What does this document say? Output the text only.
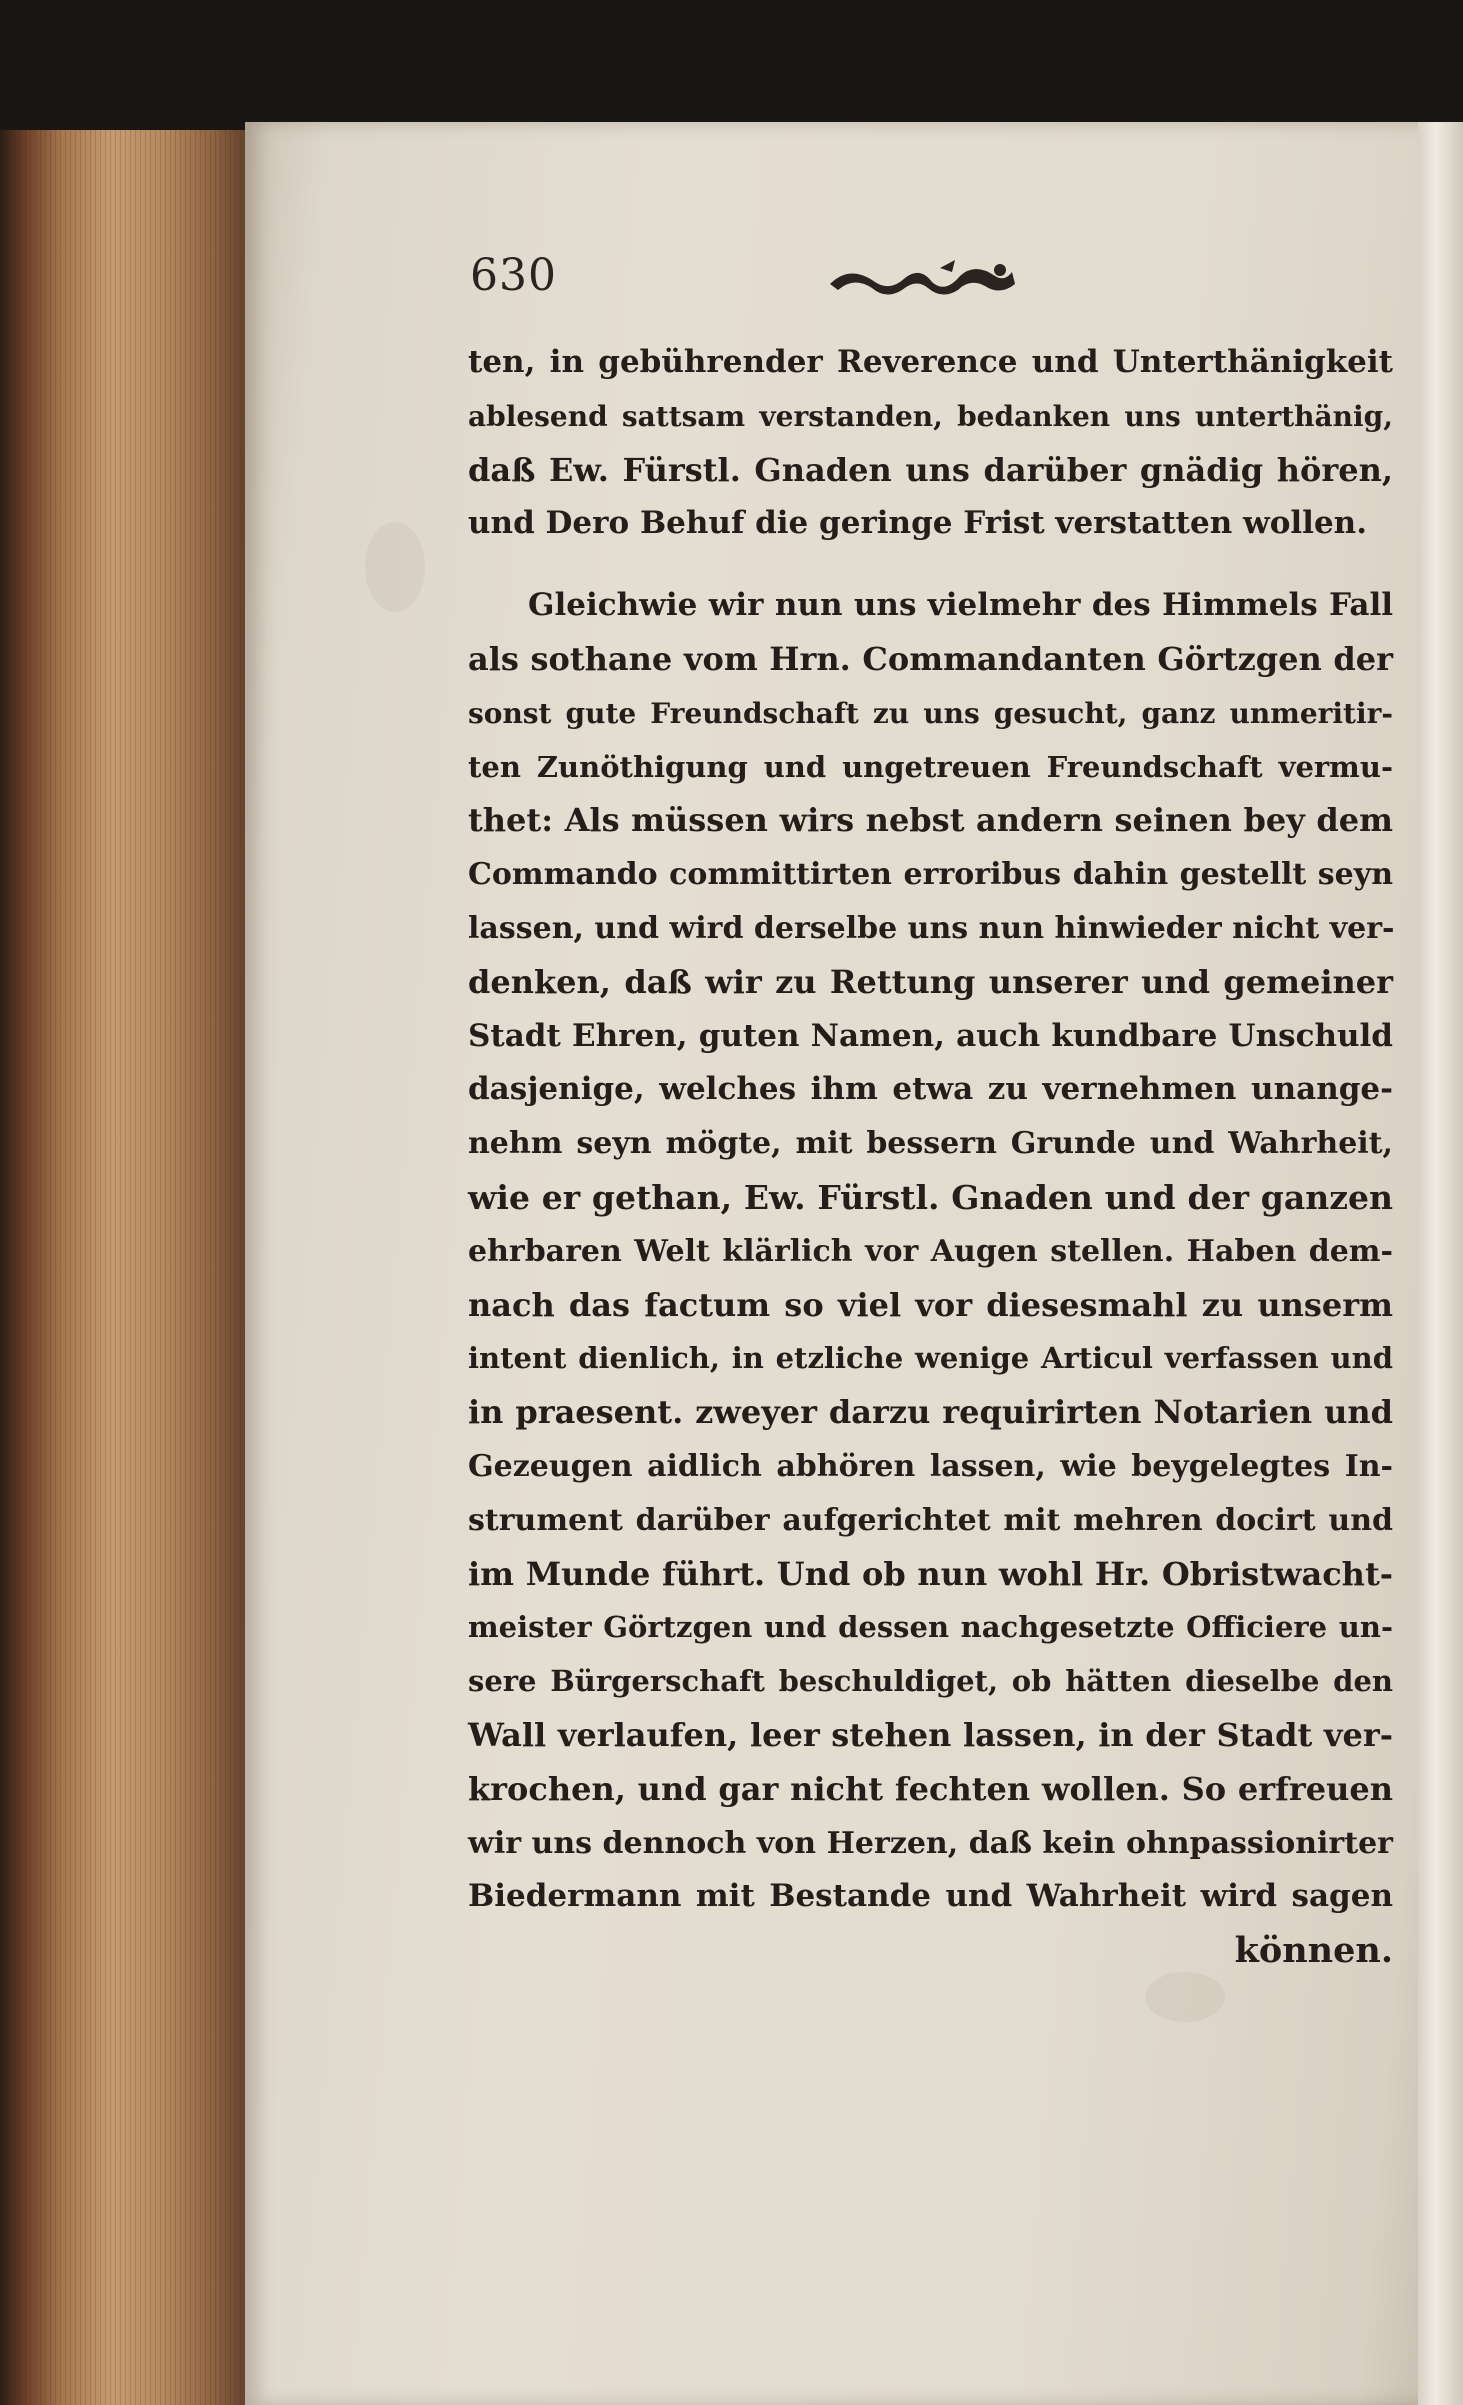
630
ten, in gebührender Reverence und Unterthänigkeit
ablesend sattsam verstanden, bedanken uns unterthänig,
daß Ew. Fürstl. Gnaden uns darüber gnädig hören,
und Dero Behuf die geringe Frist verstatten wollen.
Gleichwie wir nun uns vielmehr des Himmels Fall
als sothane vom Hrn. Commandanten Görtzgen der
sonst gute Freundschaft zu uns gesucht, ganz unmeritir-
ten Zunöthigung und ungetreuen Freundschaft vermu-
thet: Als müssen wirs nebst andern seinen bey dem
Commando committirten erroribus dahin gestellt seyn
lassen, und wird derselbe uns nun hinwieder nicht ver-
denken, daß wir zu Rettung unserer und gemeiner
Stadt Ehren, guten Namen, auch kundbare Unschuld
dasjenige, welches ihm etwa zu vernehmen unange-
nehm seyn mögte, mit bessern Grunde und Wahrheit,
wie er gethan, Ew. Fürstl. Gnaden und der ganzen
ehrbaren Welt klärlich vor Augen stellen. Haben dem-
nach das factum so viel vor diesesmahl zu unserm
intent dienlich, in etzliche wenige Articul verfassen und
in praesent. zweyer darzu requirirten Notarien und
Gezeugen aidlich abhören lassen, wie beygelegtes In-
strument darüber aufgerichtet mit mehren docirt und
im Munde führt. Und ob nun wohl Hr. Obristwacht-
meister Görtzgen und dessen nachgesetzte Officiere un-
sere Bürgerschaft beschuldiget, ob hätten dieselbe den
Wall verlaufen, leer stehen lassen, in der Stadt ver-
krochen, und gar nicht fechten wollen. So erfreuen
wir uns dennoch von Herzen, daß kein ohnpassionirter
Biedermann mit Bestande und Wahrheit wird sagen
können.
